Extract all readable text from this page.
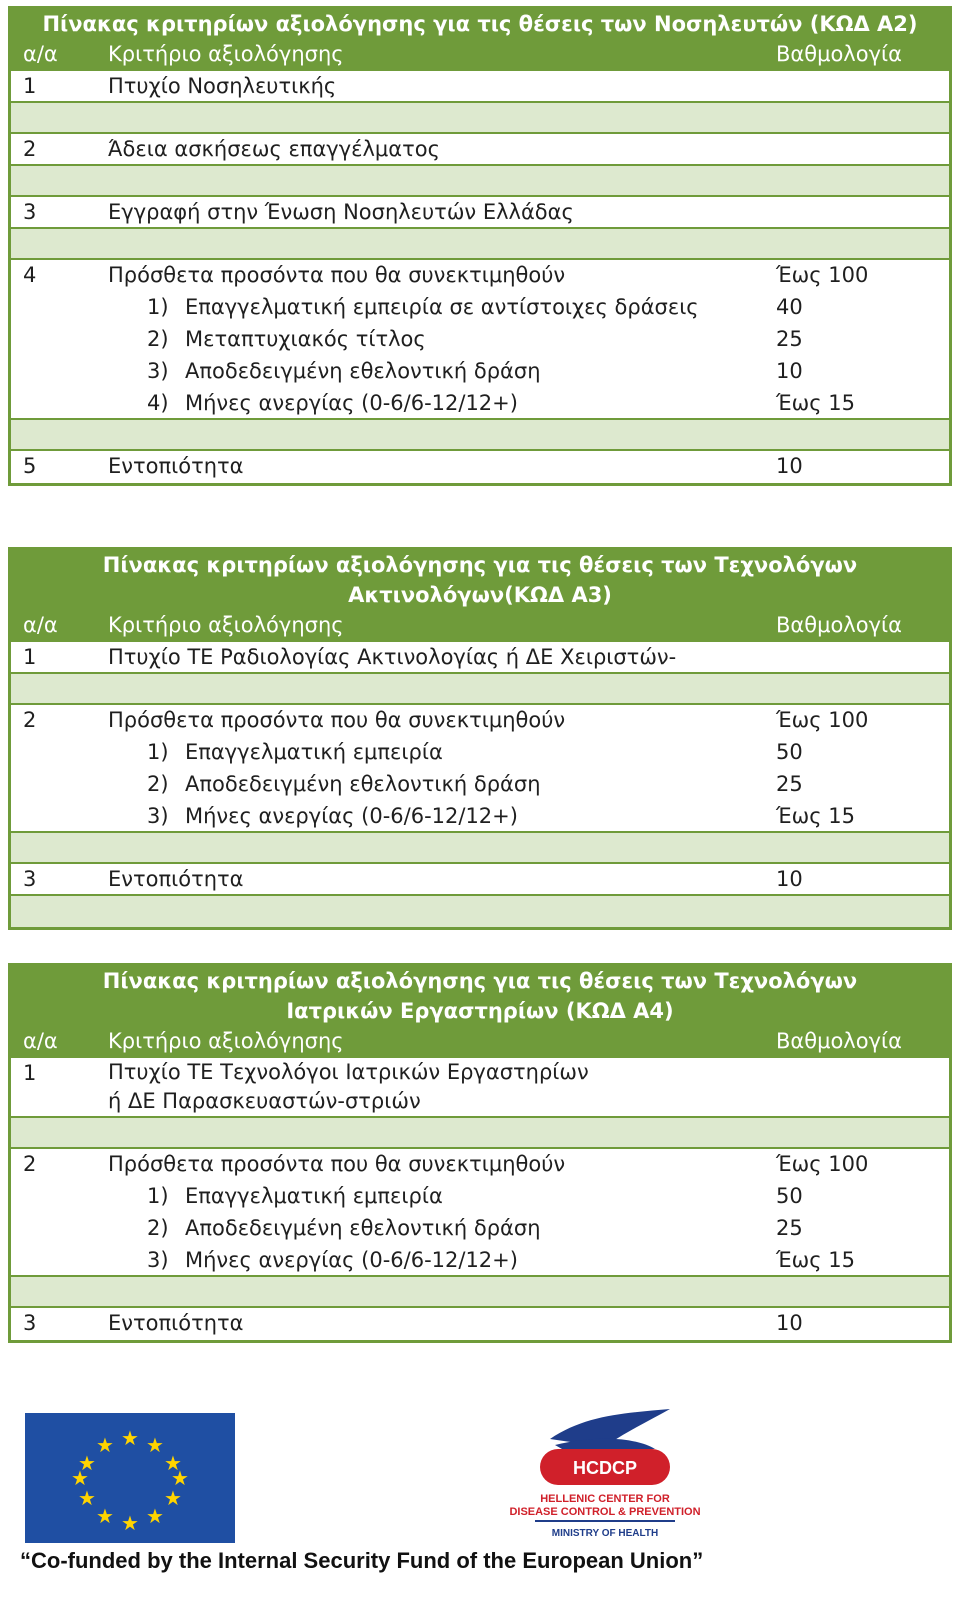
Πίνακας κριτηρίων αξιολόγησης για τις θέσεις των Νοσηλευτών (ΚΩΔ Α2)
α/α Κριτήριο αξιολόγησης	Βαθμολογία
1	Πτυχίο Νοσηλευτικής
2	Άδεια ασκήσεως επαγγέλματος
3	Εγγραφή στην Ένωση Νοσηλευτών Ελλάδας
4	Πρόσθετα προσόντα που θα συνεκτιμηθούν	Έως 100
1) Επαγγελματική εμπειρία σε αντίστοιχες δράσεις	40
2) Μεταπτυχιακός τίτλος	25
3) Αποδεδειγμένη εθελοντική δράση	10
4) Μήνες ανεργίας (0-6/6-12/12+)	Έως 15
5	Εντοπιότητα	10
Πίνακας κριτηρίων αξιολόγησης για τις θέσεις των Τεχνολόγων Ακτινολόγων(ΚΩΔ Α3)
α/α Κριτήριο αξιολόγησης	Βαθμολογία
1	Πτυχίο ΤΕ Ραδιολογίας Ακτινολογίας ή ΔΕ Χειριστών-
2	Πρόσθετα προσόντα που θα συνεκτιμηθούν	Έως 100
1) Επαγγελματική εμπειρία	50
2) Αποδεδειγμένη εθελοντική δράση	25
3) Μήνες ανεργίας (0-6/6-12/12+)	Έως 15
3	Εντοπιότητα	10
Πίνακας κριτηρίων αξιολόγησης για τις θέσεις των Τεχνολόγων Ιατρικών Εργαστηρίων (ΚΩΔ Α4)
α/α Κριτήριο αξιολόγησης	Βαθμολογία
1	Πτυχίο ΤΕ Τεχνολόγοι Ιατρικών Εργαστηρίων ή ΔΕ Παρασκευαστών-στριών
2	Πρόσθετα προσόντα που θα συνεκτιμηθούν	Έως 100
1) Επαγγελματική εμπειρία	50
2) Αποδεδειγμένη εθελοντική δράση	25
3) Μήνες ανεργίας (0-6/6-12/12+)	Έως 15
3	Εντοπιότητα	10
★ ★
★
★
★
★
★
★
★
★
★
★
HCDCP
HELLENIC CENTER FOR
DISEASE CONTROL & PREVENTION
MINISTRY OF HEALTH
“Co-funded by the Internal Security Fund of the European Union”
